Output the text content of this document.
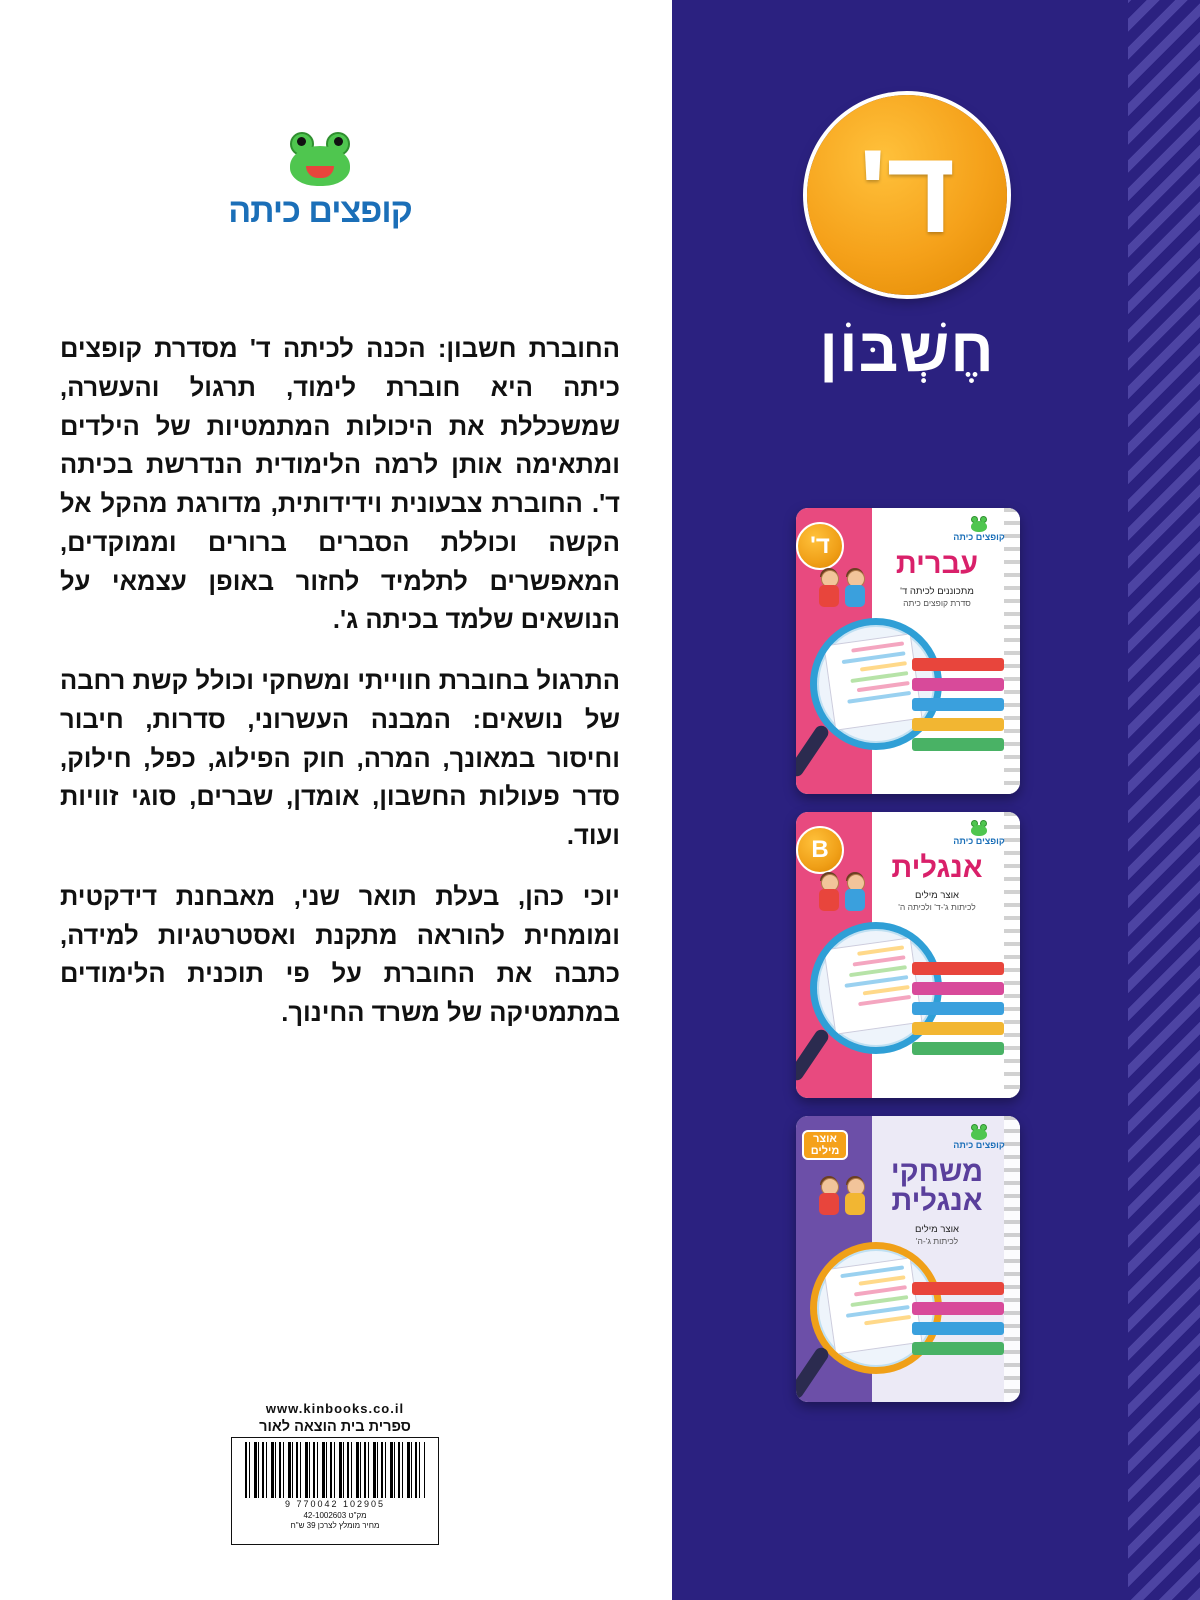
קופצים כיתה

החוברת חשבון: הכנה לכיתה ד' מסדרת קופצים כיתה היא חוברת לימוד, תרגול והעשרה, שמשכללת את היכולות המתמטיות של הילדים ומתאימה אותן לרמה הלימודית הנדרשת בכיתה ד'. החוברת צבעונית וידידותית, מדורגת מהקל אל הקשה וכוללת הסברים ברורים וממוקדים, המאפשרים לתלמיד לחזור באופן עצמאי על הנושאים שלמד בכיתה ג'.

התרגול בחוברת חווייתי ומשחקי וכולל קשת רחבה של נושאים: המבנה העשרוני, סדרות, חיבור וחיסור במאונך, המרה, חוק הפילוג, כפל, חילוק, סדר פעולות החשבון, אומדן, שברים, סוגי זוויות ועוד.

יוכי כהן, בעלת תואר שני, מאבחנת דידקטית ומומחית להוראה מתקנת ואסטרטגיות למידה, כתבה את החוברת על פי תוכנית הלימודים במתמטיקה של משרד החינוך.

www.kinbooks.co.il
ספרית בית הוצאה לאור
9 770042 102905
מק"ט 42-1002603
מחיר מומלץ לצרכן 39 ש"ח
ד'
חֶשְׁבּוֹן
קופצים כיתה
ד'
עברית
מתכוננים לכיתה ד'
סדרת קופצים כיתה
קופצים כיתה
B
אנגלית
אוצר מילים
לכיתות ג'-ד' ולכיתה ה'
קופצים כיתה
אוצר מילים
משחקי אנגלית
אוצר מילים
לכיתות ג'-ה'
